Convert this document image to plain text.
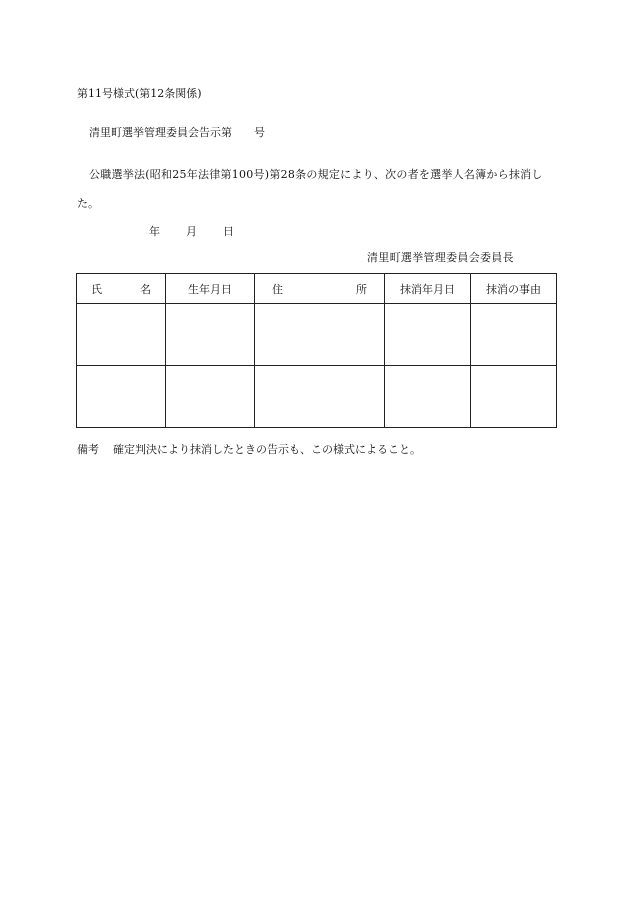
第11号様式(第12条関係)
清里町選挙管理委員会告示第　　号
公職選挙法(昭和25年法律第100号)第28条の規定により、次の者を選挙人名簿から抹消し
た。
年 月 日
清里町選挙管理委員会委員長
氏 名	生年月日	住 所	抹消年月日	抹消の事由

備考 確定判決により抹消したときの告示も、この様式によること。
